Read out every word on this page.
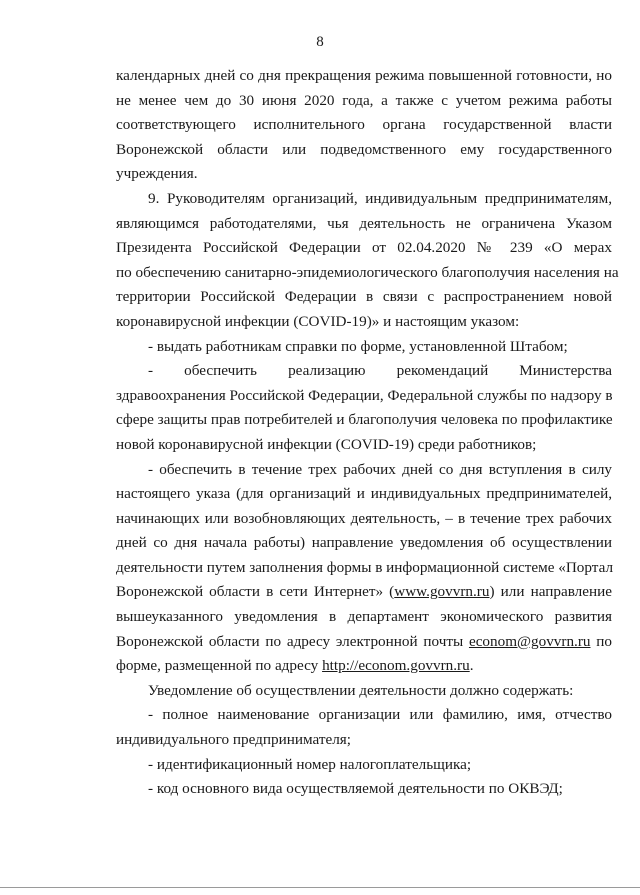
8
календарных дней со дня прекращения режима повышенной готовности, но
не менее чем до 30 июня 2020 года, а также с учетом режима работы
соответствующего исполнительного органа государственной власти
Воронежской области или подведомственного ему государственного
учреждения.
9. Руководителям организаций, индивидуальным предпринимателям,
являющимся работодателями, чья деятельность не ограничена Указом
Президента Российской Федерации от 02.04.2020 № 239 «О мерах
по обеспечению санитарно-эпидемиологического благополучия населения на
территории Российской Федерации в связи с распространением новой
коронавирусной инфекции (COVID-19)» и настоящим указом:
- выдать работникам справки по форме, установленной Штабом;
- обеспечить реализацию рекомендаций Министерства
здравоохранения Российской Федерации, Федеральной службы по надзору в
сфере защиты прав потребителей и благополучия человека по профилактике
новой коронавирусной инфекции (COVID-19) среди работников;
- обеспечить в течение трех рабочих дней со дня вступления в силу
настоящего указа (для организаций и индивидуальных предпринимателей,
начинающих или возобновляющих деятельность, – в течение трех рабочих
дней со дня начала работы) направление уведомления об осуществлении
деятельности путем заполнения формы в информационной системе «Портал
Воронежской области в сети Интернет» (www.govvrn.ru) или направление
вышеуказанного уведомления в департамент экономического развития
Воронежской области по адресу электронной почты econom@govvrn.ru по
форме, размещенной по адресу http://econom.govvrn.ru.
Уведомление об осуществлении деятельности должно содержать:
- полное наименование организации или фамилию, имя, отчество
индивидуального предпринимателя;
- идентификационный номер налогоплательщика;
- код основного вида осуществляемой деятельности по ОКВЭД;
